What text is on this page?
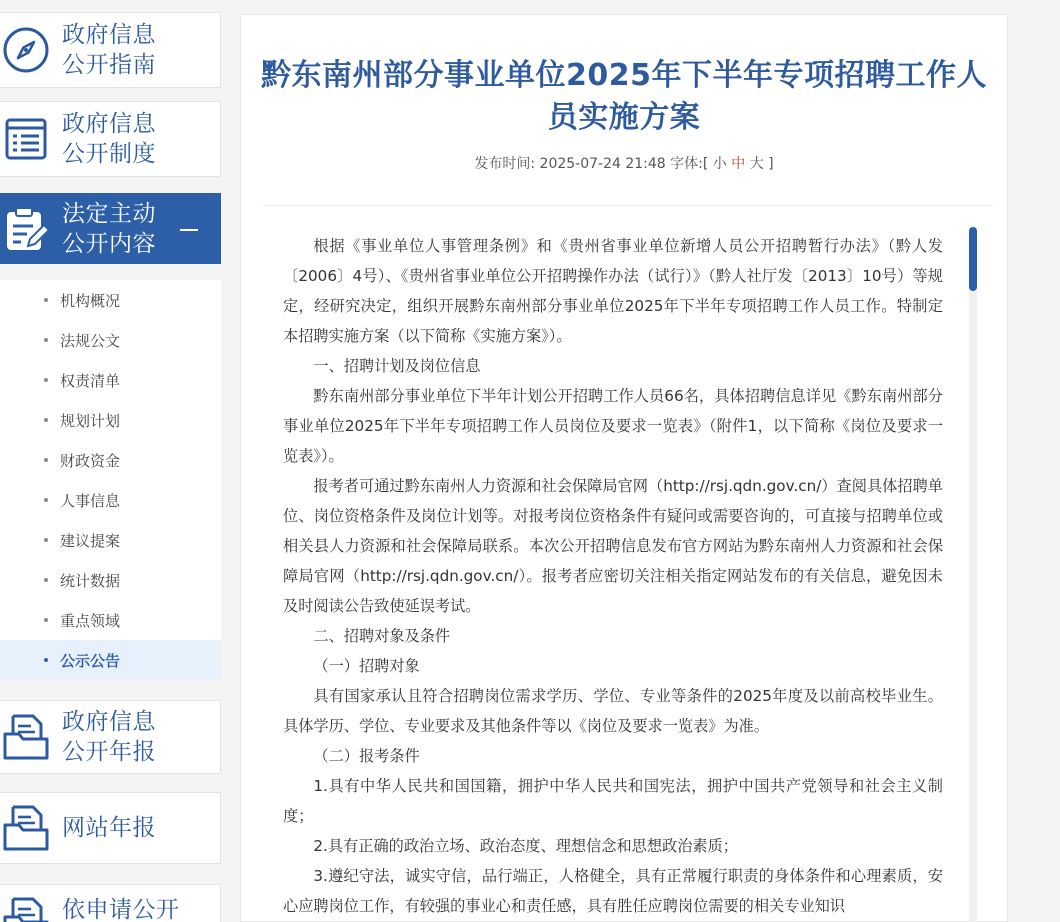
政府信息
公开指南
政府信息
公开制度
法定主动
公开内容
机构概况
法规公文
权责清单
规划计划
财政资金
人事信息
建议提案
统计数据
重点领域
公示公告
政府信息
公开年报
网站年报
依申请公开
黔东南州部分事业单位2025年下半年专项招聘工作人员实施方案
发布时间: 2025-07-24 21:48 字体:[ 小 中 大 ]

根据《事业单位人事管理条例》和《贵州省事业单位新增人员公开招聘暂行办法》（黔人发〔2006〕4号）、《贵州省事业单位公开招聘操作办法（试行）》（黔人社厅发〔2013〕10号）等规定，经研究决定，组织开展黔东南州部分事业单位2025年下半年专项招聘工作人员工作。特制定本招聘实施方案（以下简称《实施方案》）。

一、招聘计划及岗位信息

黔东南州部分事业单位下半年计划公开招聘工作人员66名，具体招聘信息详见《黔东南州部分事业单位2025年下半年专项招聘工作人员岗位及要求一览表》（附件1，以下简称《岗位及要求一览表》）。

报考者可通过黔东南州人力资源和社会保障局官网（http://rsj.qdn.gov.cn/）查阅具体招聘单位、岗位资格条件及岗位计划等。对报考岗位资格条件有疑问或需要咨询的，可直接与招聘单位或相关县人力资源和社会保障局联系。本次公开招聘信息发布官方网站为黔东南州人力资源和社会保障局官网（http://rsj.qdn.gov.cn/）。报考者应密切关注相关指定网站发布的有关信息，避免因未及时阅读公告致使延误考试。

二、招聘对象及条件

（一）招聘对象

具有国家承认且符合招聘岗位需求学历、学位、专业等条件的2025年度及以前高校毕业生。具体学历、学位、专业要求及其他条件等以《岗位及要求一览表》为准。

（二）报考条件

1.具有中华人民共和国国籍，拥护中华人民共和国宪法，拥护中国共产党领导和社会主义制度；

2.具有正确的政治立场、政治态度、理想信念和思想政治素质；

3.遵纪守法，诚实守信，品行端正，人格健全，具有正常履行职责的身体条件和心理素质，安心应聘岗位工作，有较强的事业心和责任感，具有胜任应聘岗位需要的相关专业知识
